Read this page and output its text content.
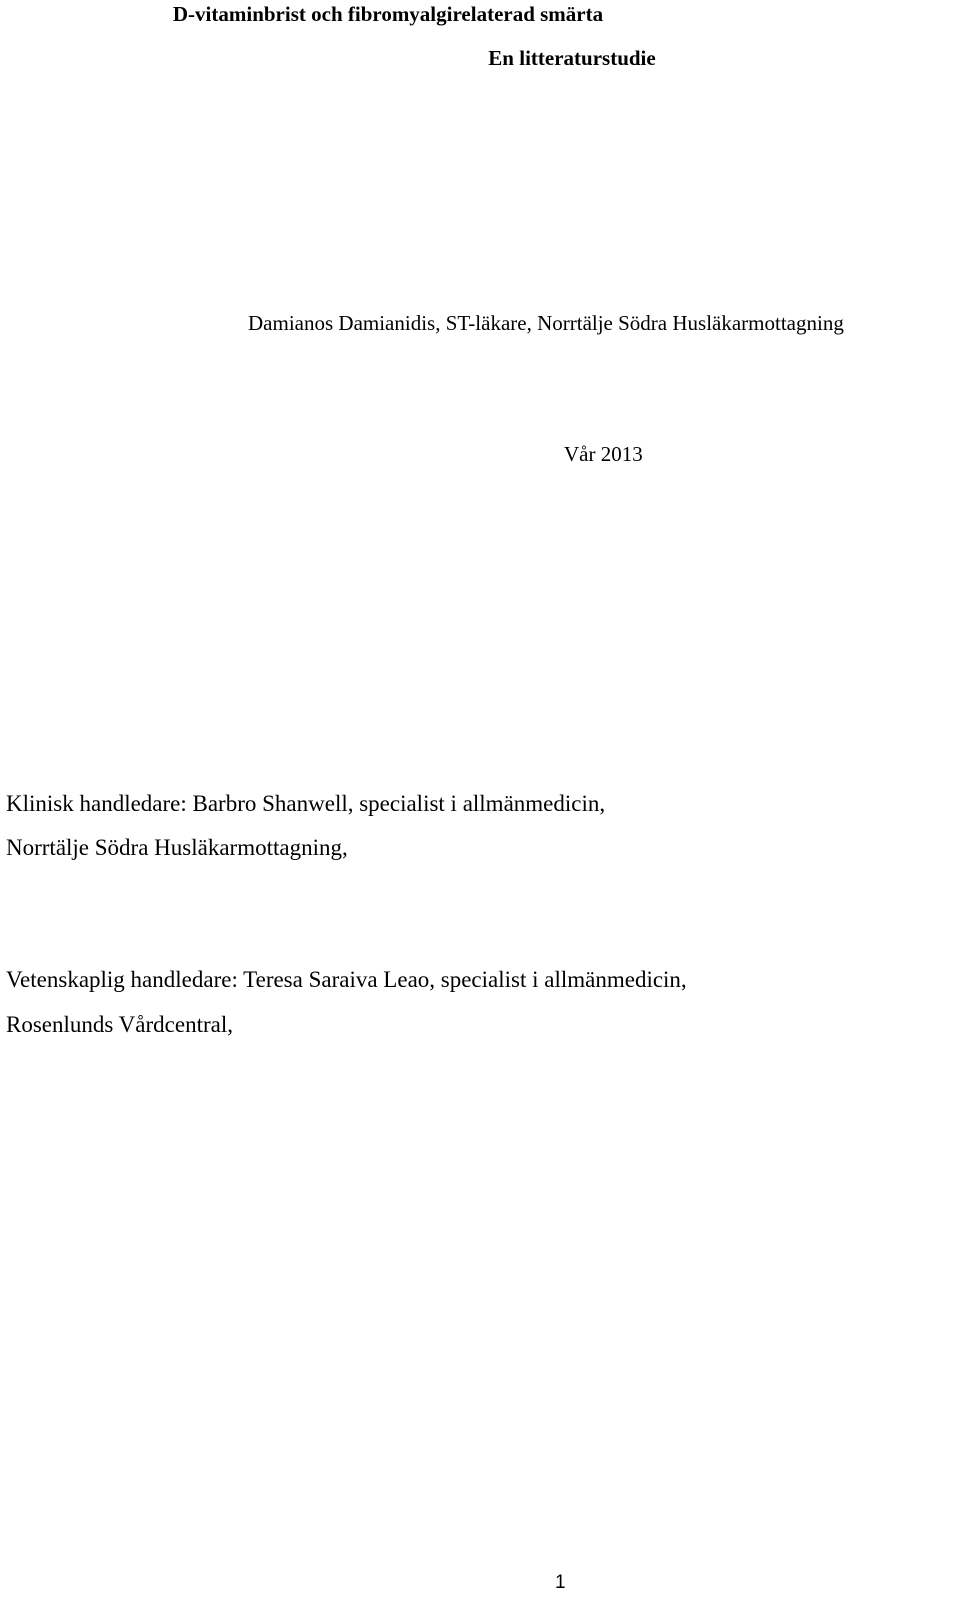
D-vitaminbrist och fibromyalgirelaterad smärta
En litteraturstudie
Damianos Damianidis, ST-läkare, Norrtälje Södra Husläkarmottagning
Vår 2013
Klinisk handledare: Barbro Shanwell, specialist i allmänmedicin,
Norrtälje Södra Husläkarmottagning,
Vetenskaplig handledare: Teresa Saraiva Leao, specialist i allmänmedicin,
Rosenlunds Vårdcentral,
1
